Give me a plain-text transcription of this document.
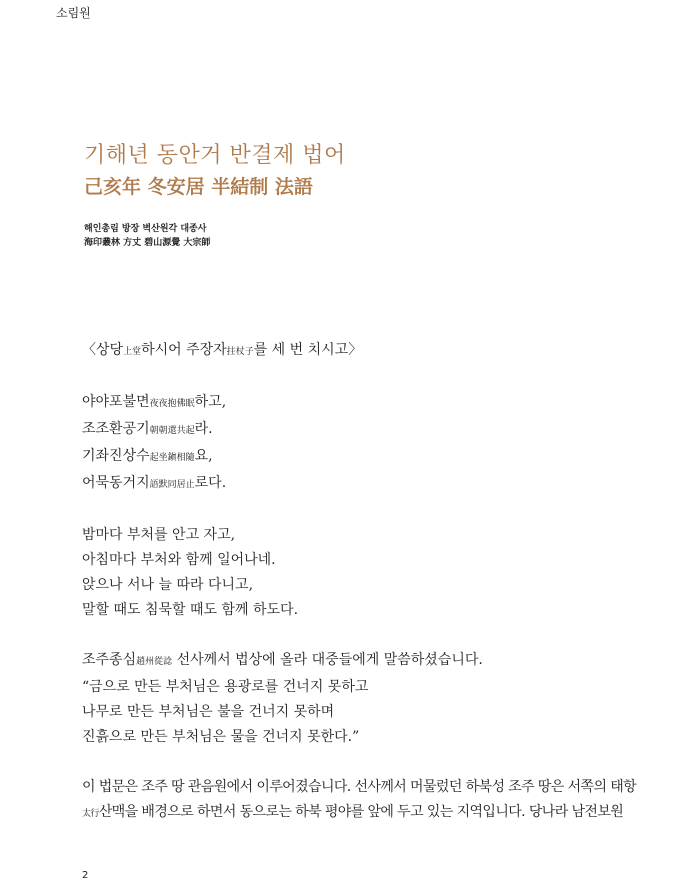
소림원
기해년 동안거 반결제 법어
己亥年 冬安居 半結制 法語
해인총림 방장 벽산원각 대종사
海印叢林 方丈 碧山源覺 大宗師

〈상당上堂하시어 주장자拄杖子를 세 번 치시고〉

야야포불면夜夜抱佛眠하고,

조조환공기朝朝還共起라.

기좌진상수起坐鎭相隨요,

어묵동거지語默同居止로다.

밤마다 부처를 안고 자고,

아침마다 부처와 함께 일어나네.

앉으나 서나 늘 따라 다니고,

말할 때도 침묵할 때도 함께 하도다.

조주종심趙州從諗 선사께서 법상에 올라 대중들에게 말씀하셨습니다.

“금으로 만든 부처님은 용광로를 건너지 못하고

나무로 만든 부처님은 불을 건너지 못하며

진흙으로 만든 부처님은 물을 건너지 못한다.”

이 법문은 조주 땅 관음원에서 이루어졌습니다. 선사께서 머물렀던 하북성 조주 땅은 서쪽의 태항

太行산맥을 배경으로 하면서 동으로는 하북 평야를 앞에 두고 있는 지역입니다. 당나라 남전보원

2
